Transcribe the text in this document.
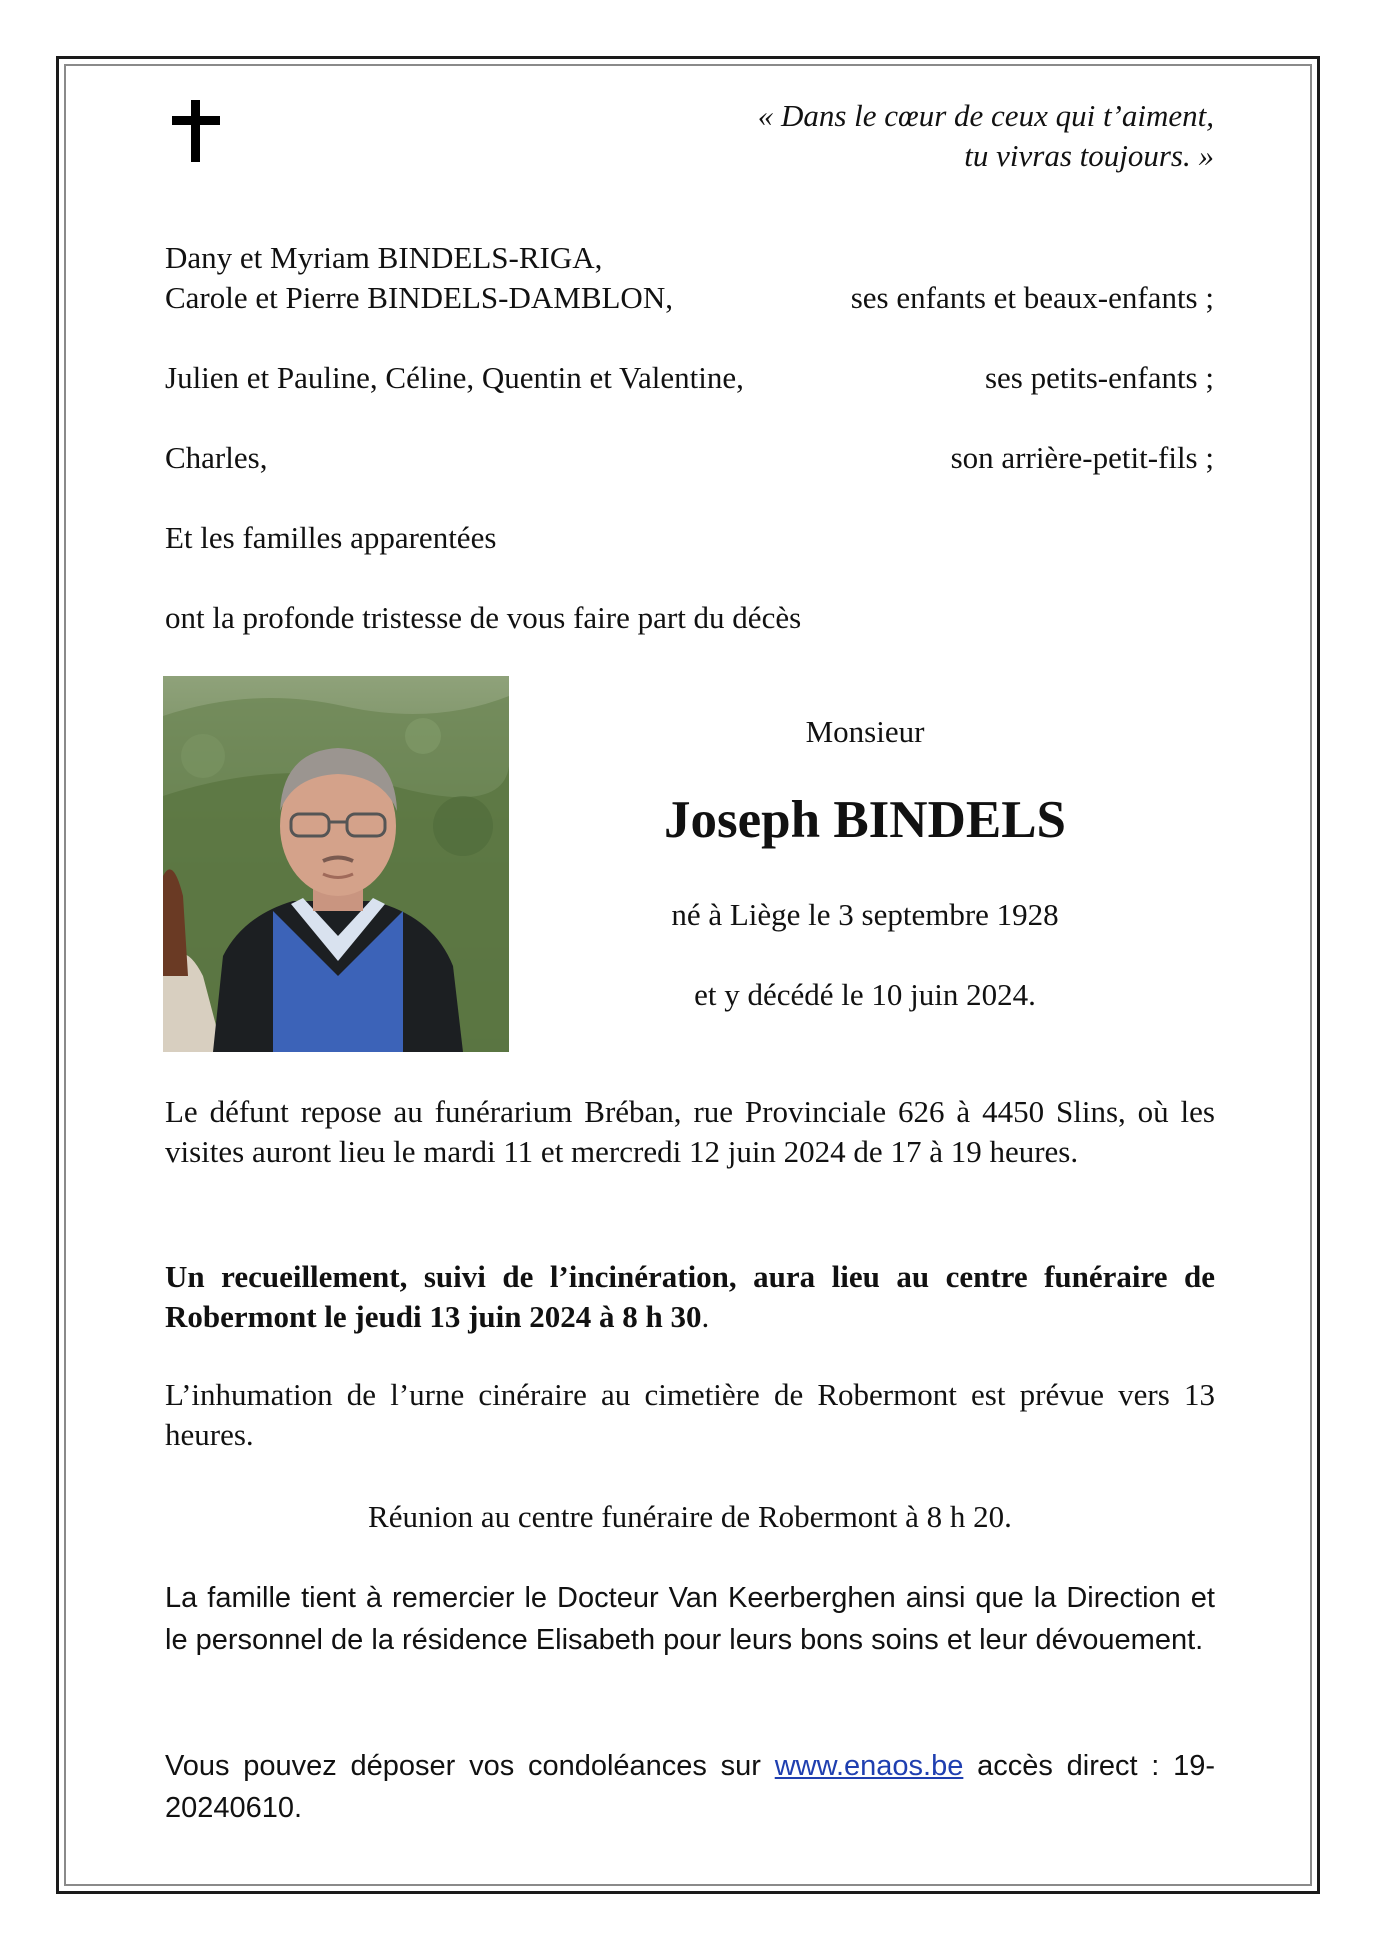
« Dans le cœur de ceux qui t’aiment,
tu vivras toujours. »
Dany et Myriam BINDELS-RIGA,
Carole et Pierre BINDELS-DAMBLON,	ses enfants et beaux-enfants ;
Julien et Pauline, Céline, Quentin et Valentine,	ses petits-enfants ;
Charles,	son arrière-petit-fils ;
Et les familles apparentées
ont la profonde tristesse de vous faire part du décès
Monsieur
Joseph BINDELS
né à Liège le 3 septembre 1928
et y décédé le 10 juin 2024.
Le défunt repose au funérarium Bréban, rue Provinciale 626 à 4450 Slins, où les visites auront lieu le mardi 11 et mercredi 12 juin 2024 de 17 à 19 heures.
Un recueillement, suivi de l’incinération, aura lieu au centre funéraire de Robermont le jeudi 13 juin 2024 à 8 h 30.
L’inhumation de l’urne cinéraire au cimetière de Robermont est prévue vers 13 heures.
Réunion au centre funéraire de Robermont à 8 h 20.
La famille tient à remercier le Docteur Van Keerberghen ainsi que la Direction et le personnel de la résidence Elisabeth pour leurs bons soins et leur dévouement.
Vous pouvez déposer vos condoléances sur www.enaos.be accès direct : 19-20240610.
